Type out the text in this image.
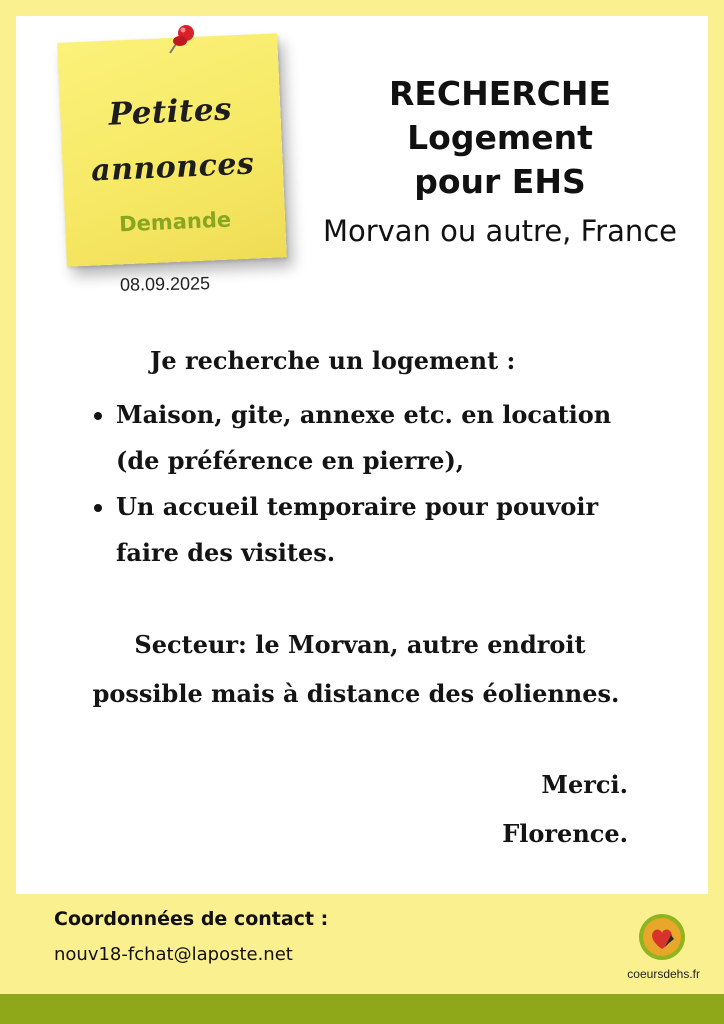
Petites
annonces
Demande
08.09.2025
RECHERCHE
Logement
pour EHS
Morvan ou autre, France
Je recherche un logement :
• Maison, gite, annexe etc. en location
(de préférence en pierre),
• Un accueil temporaire pour pouvoir
faire des visites.
Secteur: le Morvan, autre endroit
possible mais à distance des éoliennes.
Merci.
Florence.
Coordonnées de contact :
nouv18-fchat@laposte.net
coeursdehs.fr
